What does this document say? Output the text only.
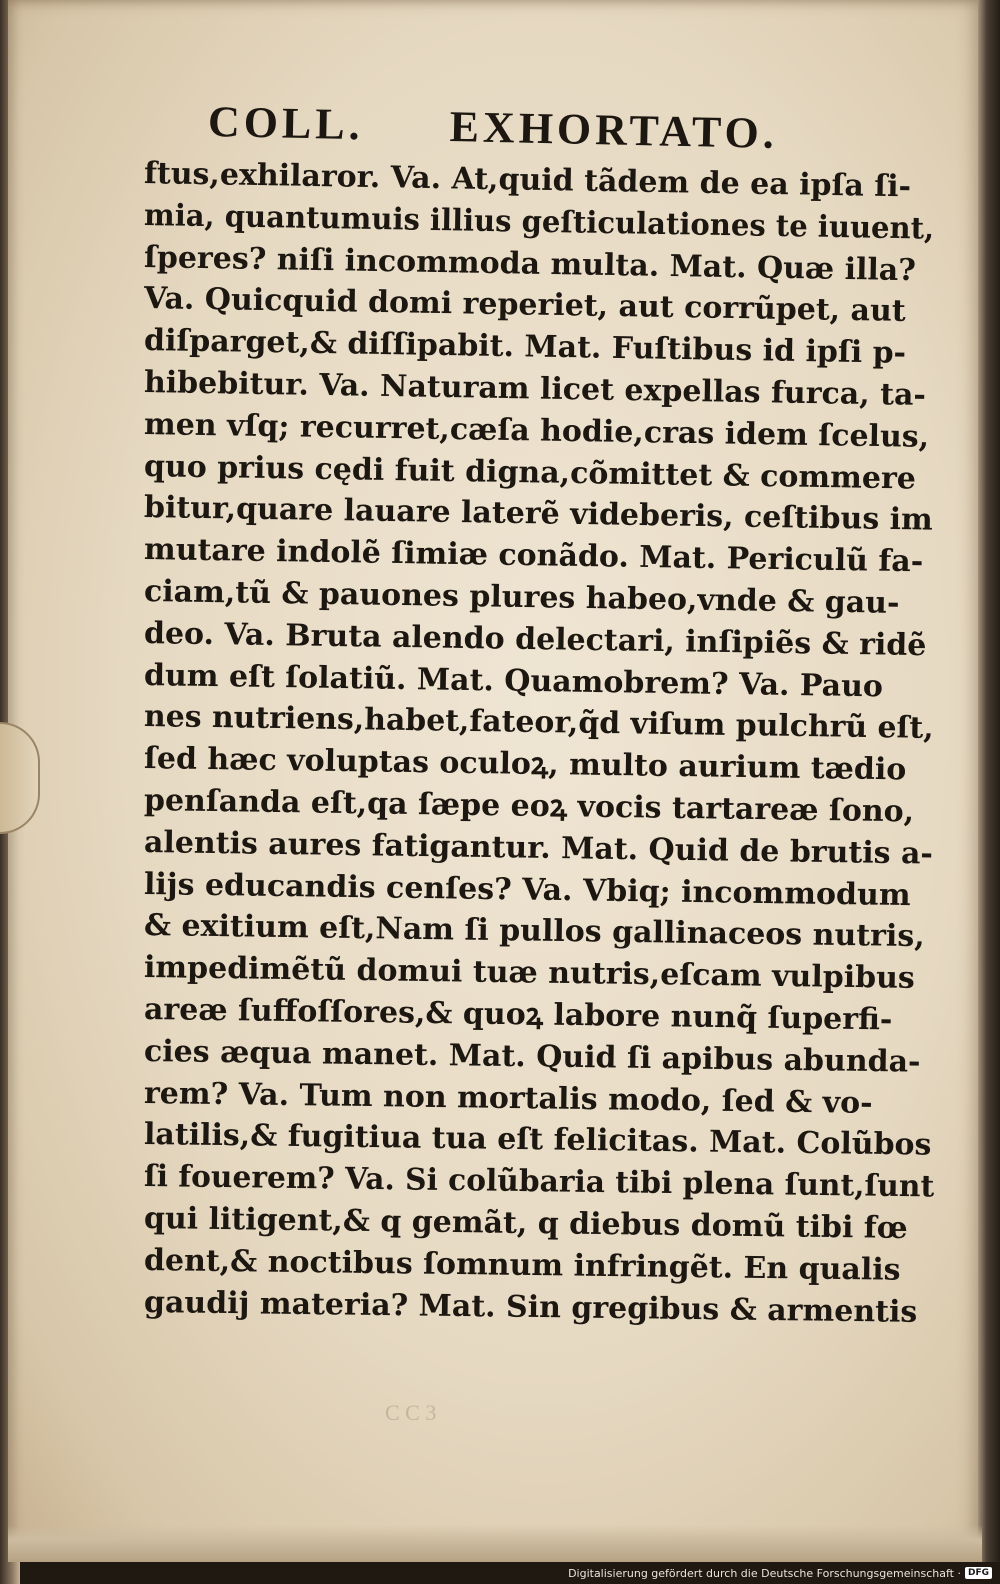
COLL. EXHORTATO.
ftus,exhilaror. Va. At,quid tãdem de ea ipſa ſi-
mia, quantumuis illius geſticulationes te iuuent,
ſperes? niſi incommoda multa. Mat. Quæ illa?
Va. Quicquid domi reperiet, aut corrũpet, aut
diſparget,& diſſipabit. Mat. Fuſtibus id ipſi p-
hibebitur. Va. Naturam licet expellas furca, ta-
men vſq; recurret,cæſa hodie,cras idem ſcelus,
quo prius cędi fuit digna,cõmittet & commere
bitur,quare lauare laterẽ videberis, ceſtibus im
mutare indolẽ ſimiæ conãdo. Mat. Periculũ fa-
ciam,tũ & pauones plures habeo,vnde & gau-
deo. Va. Bruta alendo delectari, inſipiẽs & ridẽ
dum eſt ſolatiũ. Mat. Quamobrem? Va. Pauo
nes nutriens,habet,fateor,q̃d viſum pulchrũ eſt,
ſed hæc voluptas oculoꝝ, multo aurium tædio
penſanda eſt,qa ſæpe eoꝝ vocis tartareæ ſono,
alentis aures fatigantur. Mat. Quid de brutis a-
lijs educandis cenſes? Va. Vbiq; incommodum
& exitium eſt,Nam ſi pullos gallinaceos nutris,
impedimẽtũ domui tuæ nutris,eſcam vulpibus
areæ ſuffoſſores,& quoꝝ labore nunq̃ ſuperfi-
cies æqua manet. Mat. Quid ſi apibus abunda-
rem? Va. Tum non mortalis modo, ſed & vo-
latilis,& fugitiua tua eſt felicitas. Mat. Colũbos
ſi fouerem? Va. Si colũbaria tibi plena ſunt,ſunt
qui litigent,& q gemãt, q diebus domũ tibi fœ
dent,& noctibus ſomnum infringẽt. En qualis
gaudij materia? Mat. Sin gregibus & armentis
C C 3
Digitalisierung gefördert durch die Deutsche Forschungsgemeinschaft · DFG
